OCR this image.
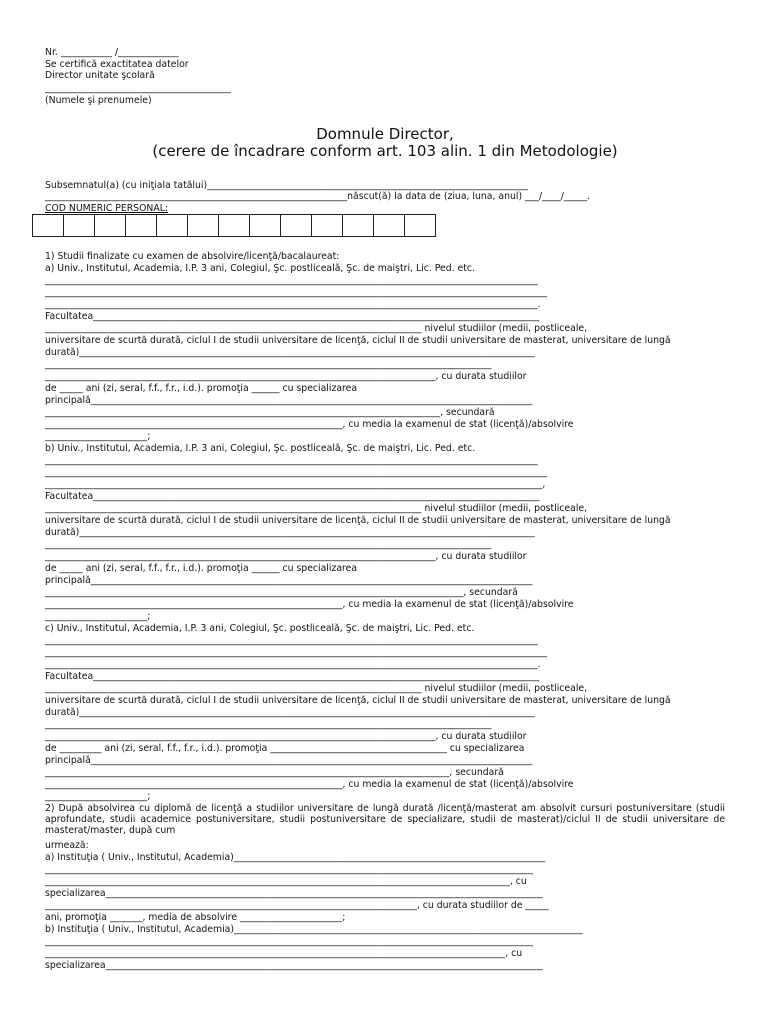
Nr. ___________ /_____________
Se certifică exactitatea datelor
Director unitate şcolară
________________________________________
(Numele şi prenumele)
Domnule Director,
(cerere de încadrare conform art. 103 alin. 1 din Metodologie)
Subsemnatul(a) (cu iniţiala tatălui)_____________________________________________________________________
_________________________________________________________________născut(ă) la data de (ziua, luna, anul) ___/____/_____.
COD NUMERIC PERSONAL:
1) Studii finalizate cu examen de absolvire/licenţă/bacalaureat:
a) Univ., Institutul, Academia, I.P. 3 ani, Colegiul, Şc. postliceală, Şc. de maiştri, Lic. Ped. etc.
__________________________________________________________________________________________________________
____________________________________________________________________________________________________________
__________________________________________________________________________________________________________.
Facultatea________________________________________________________________________________________________
_________________________________________________________________________________ nivelul studiilor (medii, postliceale,
universitare de scurtă durată, ciclul I de studii universitare de licenţă, ciclul II de studii universitare de masterat, universitare de lungă
durată)__________________________________________________________________________________________________
________________________________________________________________________________________________
____________________________________________________________________________________, cu durata studiilor
de _____ ani (zi, seral, f.f., f.r., i.d.). promoţia ______ cu specializarea
principală_______________________________________________________________________________________________
_____________________________________________________________________________________, secundară
________________________________________________________________, cu media la examenul de stat (licenţă)/absolvire
______________________;
b) Univ., Institutul, Academia, I.P. 3 ani, Colegiul, Şc. postliceală, Şc. de maiştri, Lic. Ped. etc.
__________________________________________________________________________________________________________
____________________________________________________________________________________________________________
___________________________________________________________________________________________________________,
Facultatea________________________________________________________________________________________________
_________________________________________________________________________________ nivelul studiilor (medii, postliceale,
universitare de scurtă durată, ciclul I de studii universitare de licenţă, ciclul II de studii universitare de masterat, universitare de lungă
durată)__________________________________________________________________________________________________
________________________________________________________________________________________________
____________________________________________________________________________________, cu durata studiilor
de _____ ani (zi, seral, f.f., f.r., i.d.). promoţia ______ cu specializarea
principală_______________________________________________________________________________________________
__________________________________________________________________________________________, secundară
________________________________________________________________, cu media la examenul de stat (licenţă)/absolvire
______________________;
c) Univ., Institutul, Academia, I.P. 3 ani, Colegiul, Şc. postliceală, Şc. de maiştri, Lic. Ped. etc.
__________________________________________________________________________________________________________
____________________________________________________________________________________________________________
__________________________________________________________________________________________________________.
Facultatea________________________________________________________________________________________________
_________________________________________________________________________________ nivelul studiilor (medii, postliceale,
universitare de scurtă durată, ciclul I de studii universitare de licenţă, ciclul II de studii universitare de masterat, universitare de lungă
durată)__________________________________________________________________________________________________
________________________________________________________________________________________________
____________________________________________________________________________________, cu durata studiilor
de _________ ani (zi, seral, f.f., f.r., i.d.). promoţia ______________________________________ cu specializarea
principală_______________________________________________________________________________________________
_______________________________________________________________________________________, secundară
________________________________________________________________, cu media la examenul de stat (licenţă)/absolvire
______________________;
2) După absolvirea cu diplomă de licenţă a studiilor universitare de lungă durată /licenţă/masterat am absolvit cursuri postuniversitare (studii aprofundate, studii academice postuniversitare, studii postuniversitare de specializare, studii de masterat)/ciclul II de studii universitare de masterat/master, după cum
urmează:
a) Instituţia ( Univ., Institutul, Academia)___________________________________________________________________
_________________________________________________________________________________________________________
____________________________________________________________________________________________________, cu
specializarea______________________________________________________________________________________________
________________________________________________________________________________, cu durata studiilor de _____
ani, promoţia _______, media de absolvire ______________________;
b) Instituţia ( Univ., Institutul, Academia)___________________________________________________________________________
_________________________________________________________________________________________________________
___________________________________________________________________________________________________, cu
specializarea______________________________________________________________________________________________
